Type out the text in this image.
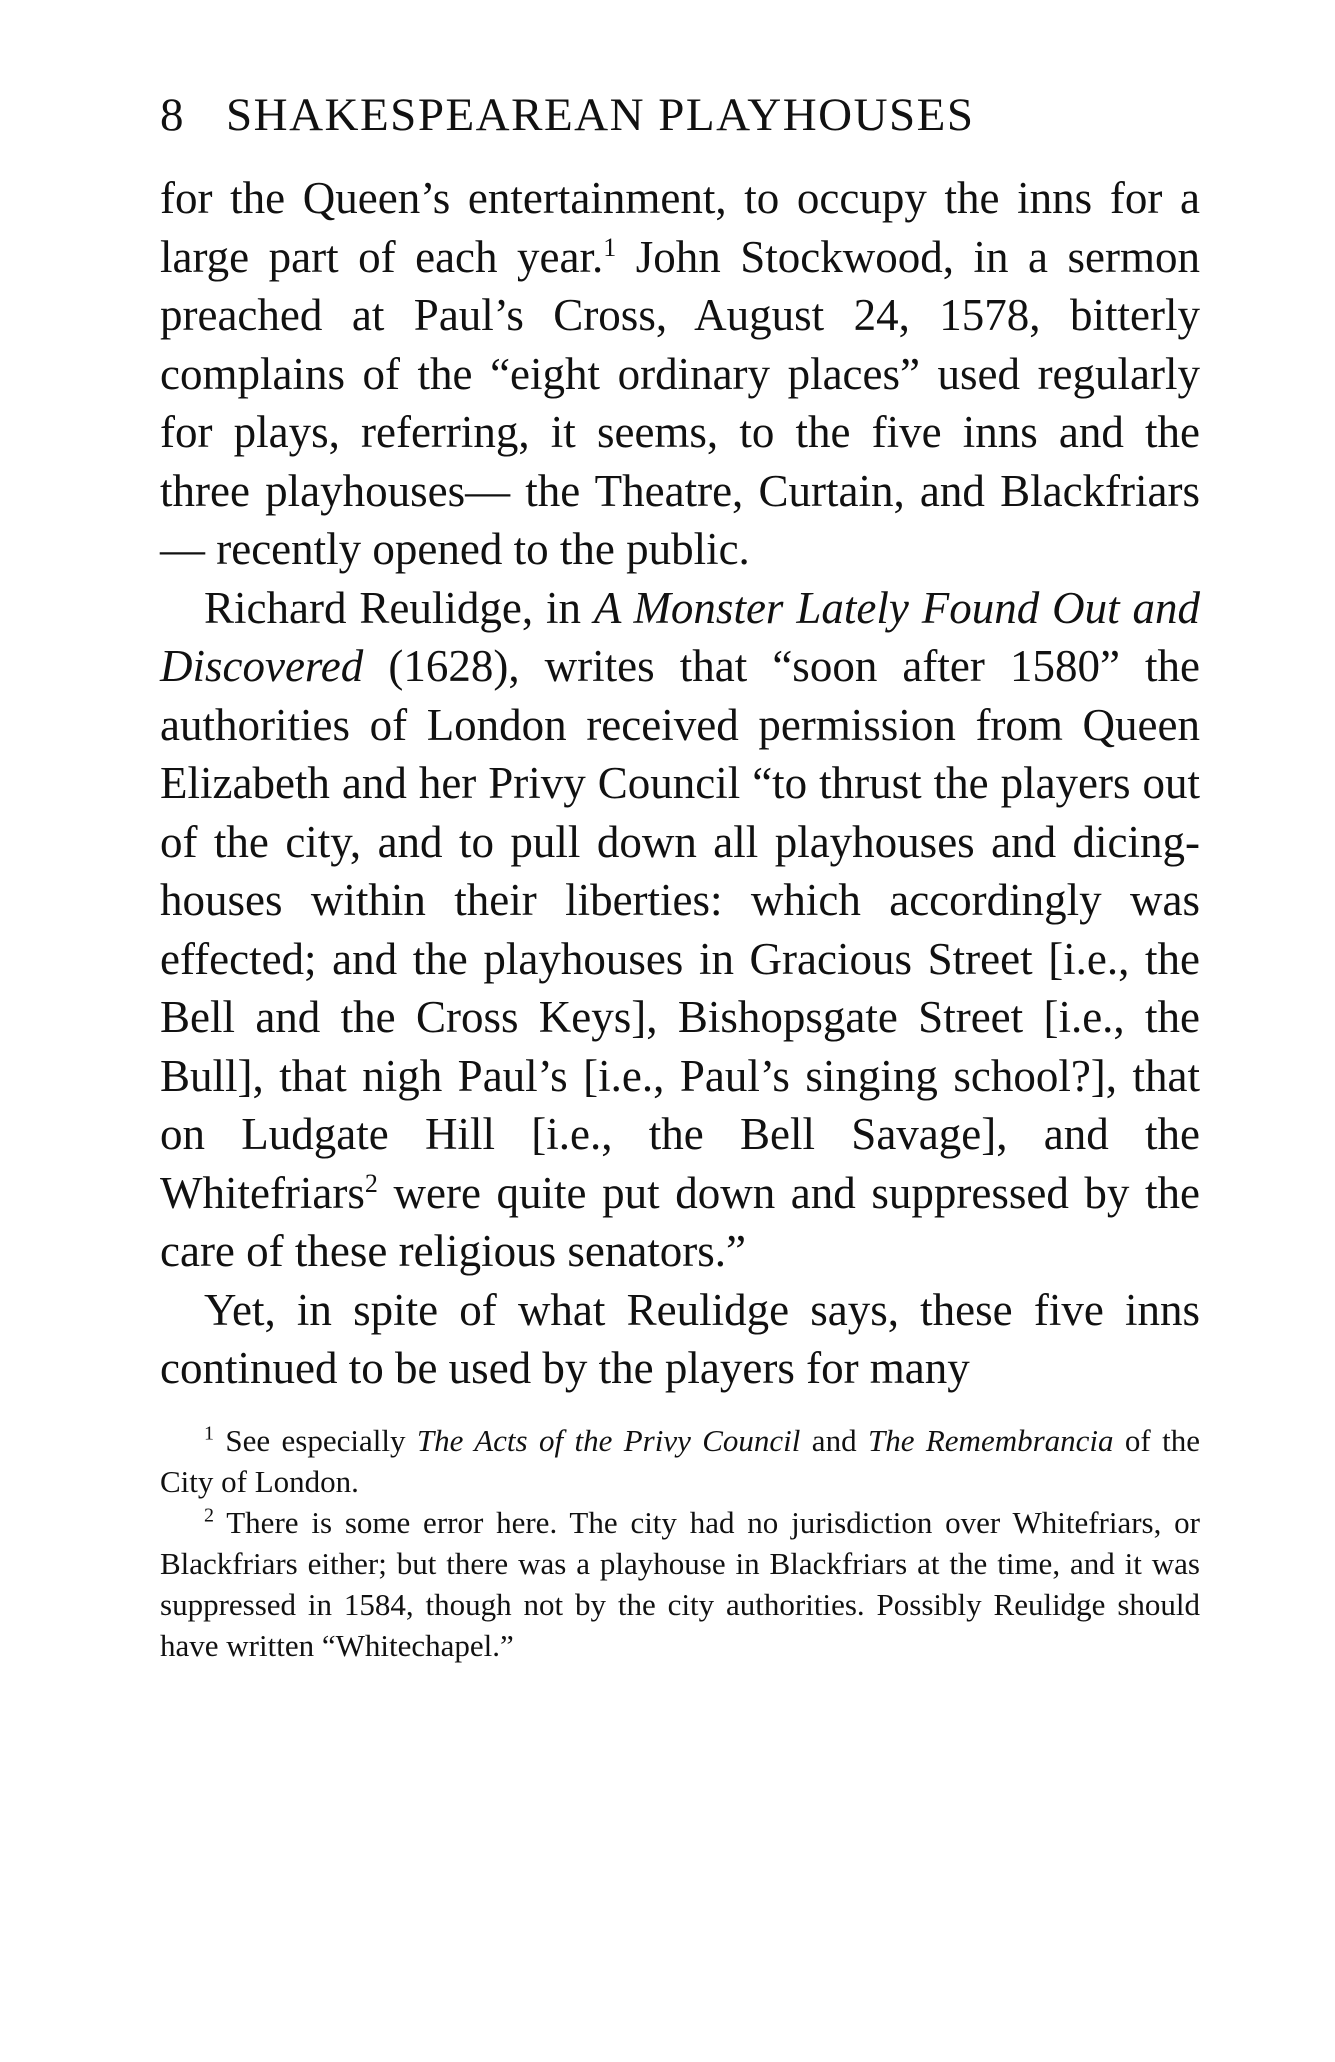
8 SHAKESPEAREAN PLAYHOUSES

for the Queen’s entertainment, to occupy the inns for a large part of each year.$^1$ John Stockwood, in a sermon preached at Paul’s Cross, August 24, 1578, bitterly complains of the “eight ordinary places” used regularly for plays, referring, it seems, to the five inns and the three playhouses— the Theatre, Curtain, and Blackfriars — recently opened to the public.

Richard Reulidge, in A Monster Lately Found Out and Discovered (1628), writes that “soon after 1580” the authorities of London received permission from Queen Elizabeth and her Privy Council “to thrust the players out of the city, and to pull down all playhouses and dicing-houses within their liberties: which accordingly was effected; and the playhouses in Gracious Street [i.e., the Bell and the Cross Keys], Bishopsgate Street [i.e., the Bull], that nigh Paul’s [i.e., Paul’s singing school?], that on Ludgate Hill [i.e., the Bell Savage], and the Whitefriars$^2$ were quite put down and suppressed by the care of these religious senators.”

Yet, in spite of what Reulidge says, these five inns continued to be used by the players for many

$^1$ See especially The Acts of the Privy Council and The Remembrancia of the City of London.

$^2$ There is some error here. The city had no jurisdiction over Whitefriars, or Blackfriars either; but there was a playhouse in Blackfriars at the time, and it was suppressed in 1584, though not by the city authorities. Possibly Reulidge should have written “Whitechapel.”
